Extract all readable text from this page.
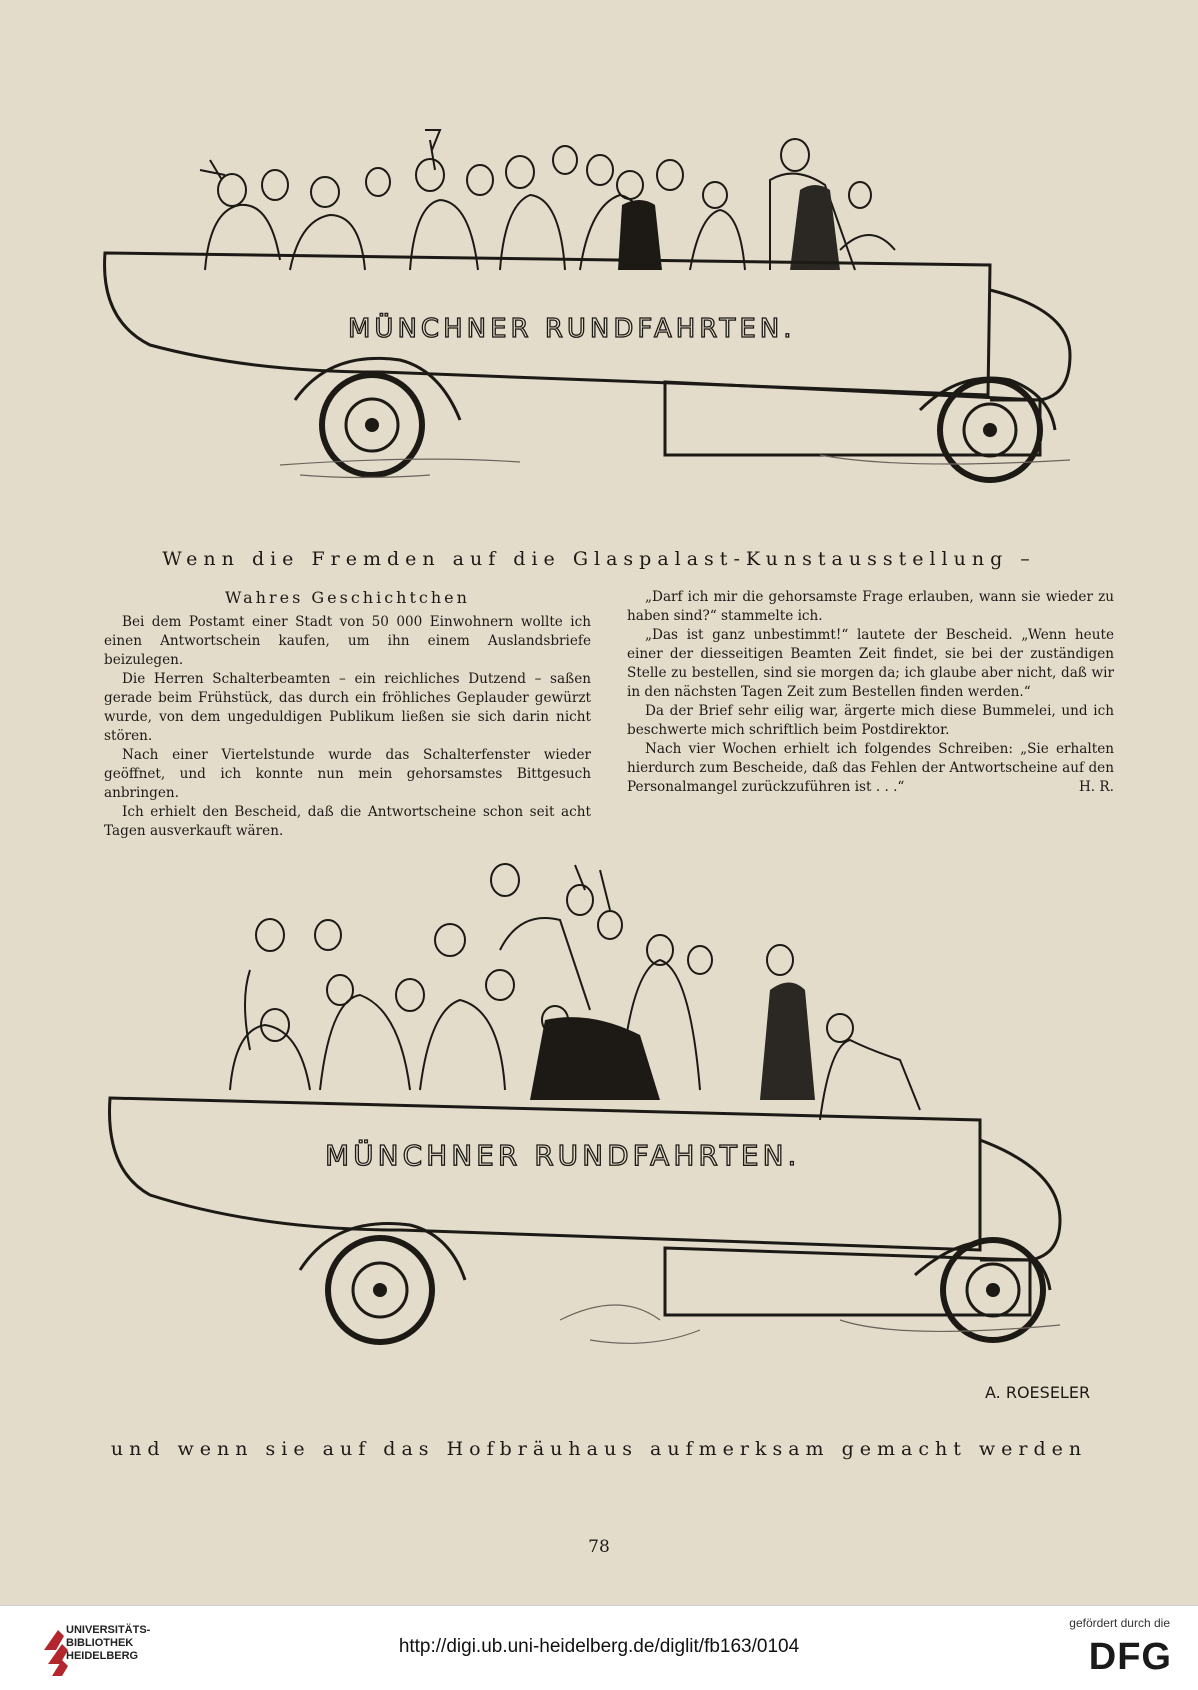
MÜNCHNER RUNDFAHRTEN.
Wenn die Fremden auf die Glaspalast-Kunstausstellung –

Wahres Geschichtchen

Bei dem Postamt einer Stadt von 50 000 Einwohnern wollte ich einen Antwortschein kaufen, um ihn einem Auslandsbriefe beizulegen.

Die Herren Schalterbeamten – ein reichliches Dutzend – saßen gerade beim Frühstück, das durch ein fröhliches Geplauder gewürzt wurde, von dem ungeduldigen Publikum ließen sie sich darin nicht stören.

Nach einer Viertelstunde wurde das Schalterfenster wieder geöffnet, und ich konnte nun mein gehorsamstes Bittgesuch anbringen.

Ich erhielt den Bescheid, daß die Antwortscheine schon seit acht Tagen ausverkauft wären.

„Darf ich mir die gehorsamste Frage erlauben, wann sie wieder zu haben sind?“ stammelte ich.

„Das ist ganz unbestimmt!“ lautete der Bescheid. „Wenn heute einer der diesseitigen Beamten Zeit findet, sie bei der zuständigen Stelle zu bestellen, sind sie morgen da; ich glaube aber nicht, daß wir in den nächsten Tagen Zeit zum Bestellen finden werden.“

Da der Brief sehr eilig war, ärgerte mich diese Bummelei, und ich beschwerte mich schriftlich beim Postdirektor.

Nach vier Wochen erhielt ich folgendes Schreiben: „Sie erhalten hierdurch zum Bescheide, daß das Fehlen der Antwortscheine auf den Personalmangel zurückzuführen ist . . .“	H. R.

MÜNCHNER RUNDFAHRTEN.
A. ROESELER
und wenn sie auf das Hofbräuhaus aufmerksam gemacht werden
78
UNIVERSITÄTS-
BIBLIOTHEK
HEIDELBERG	http://digi.ub.uni-heidelberg.de/diglit/fb163/0104
gefördert durch die
DFG
